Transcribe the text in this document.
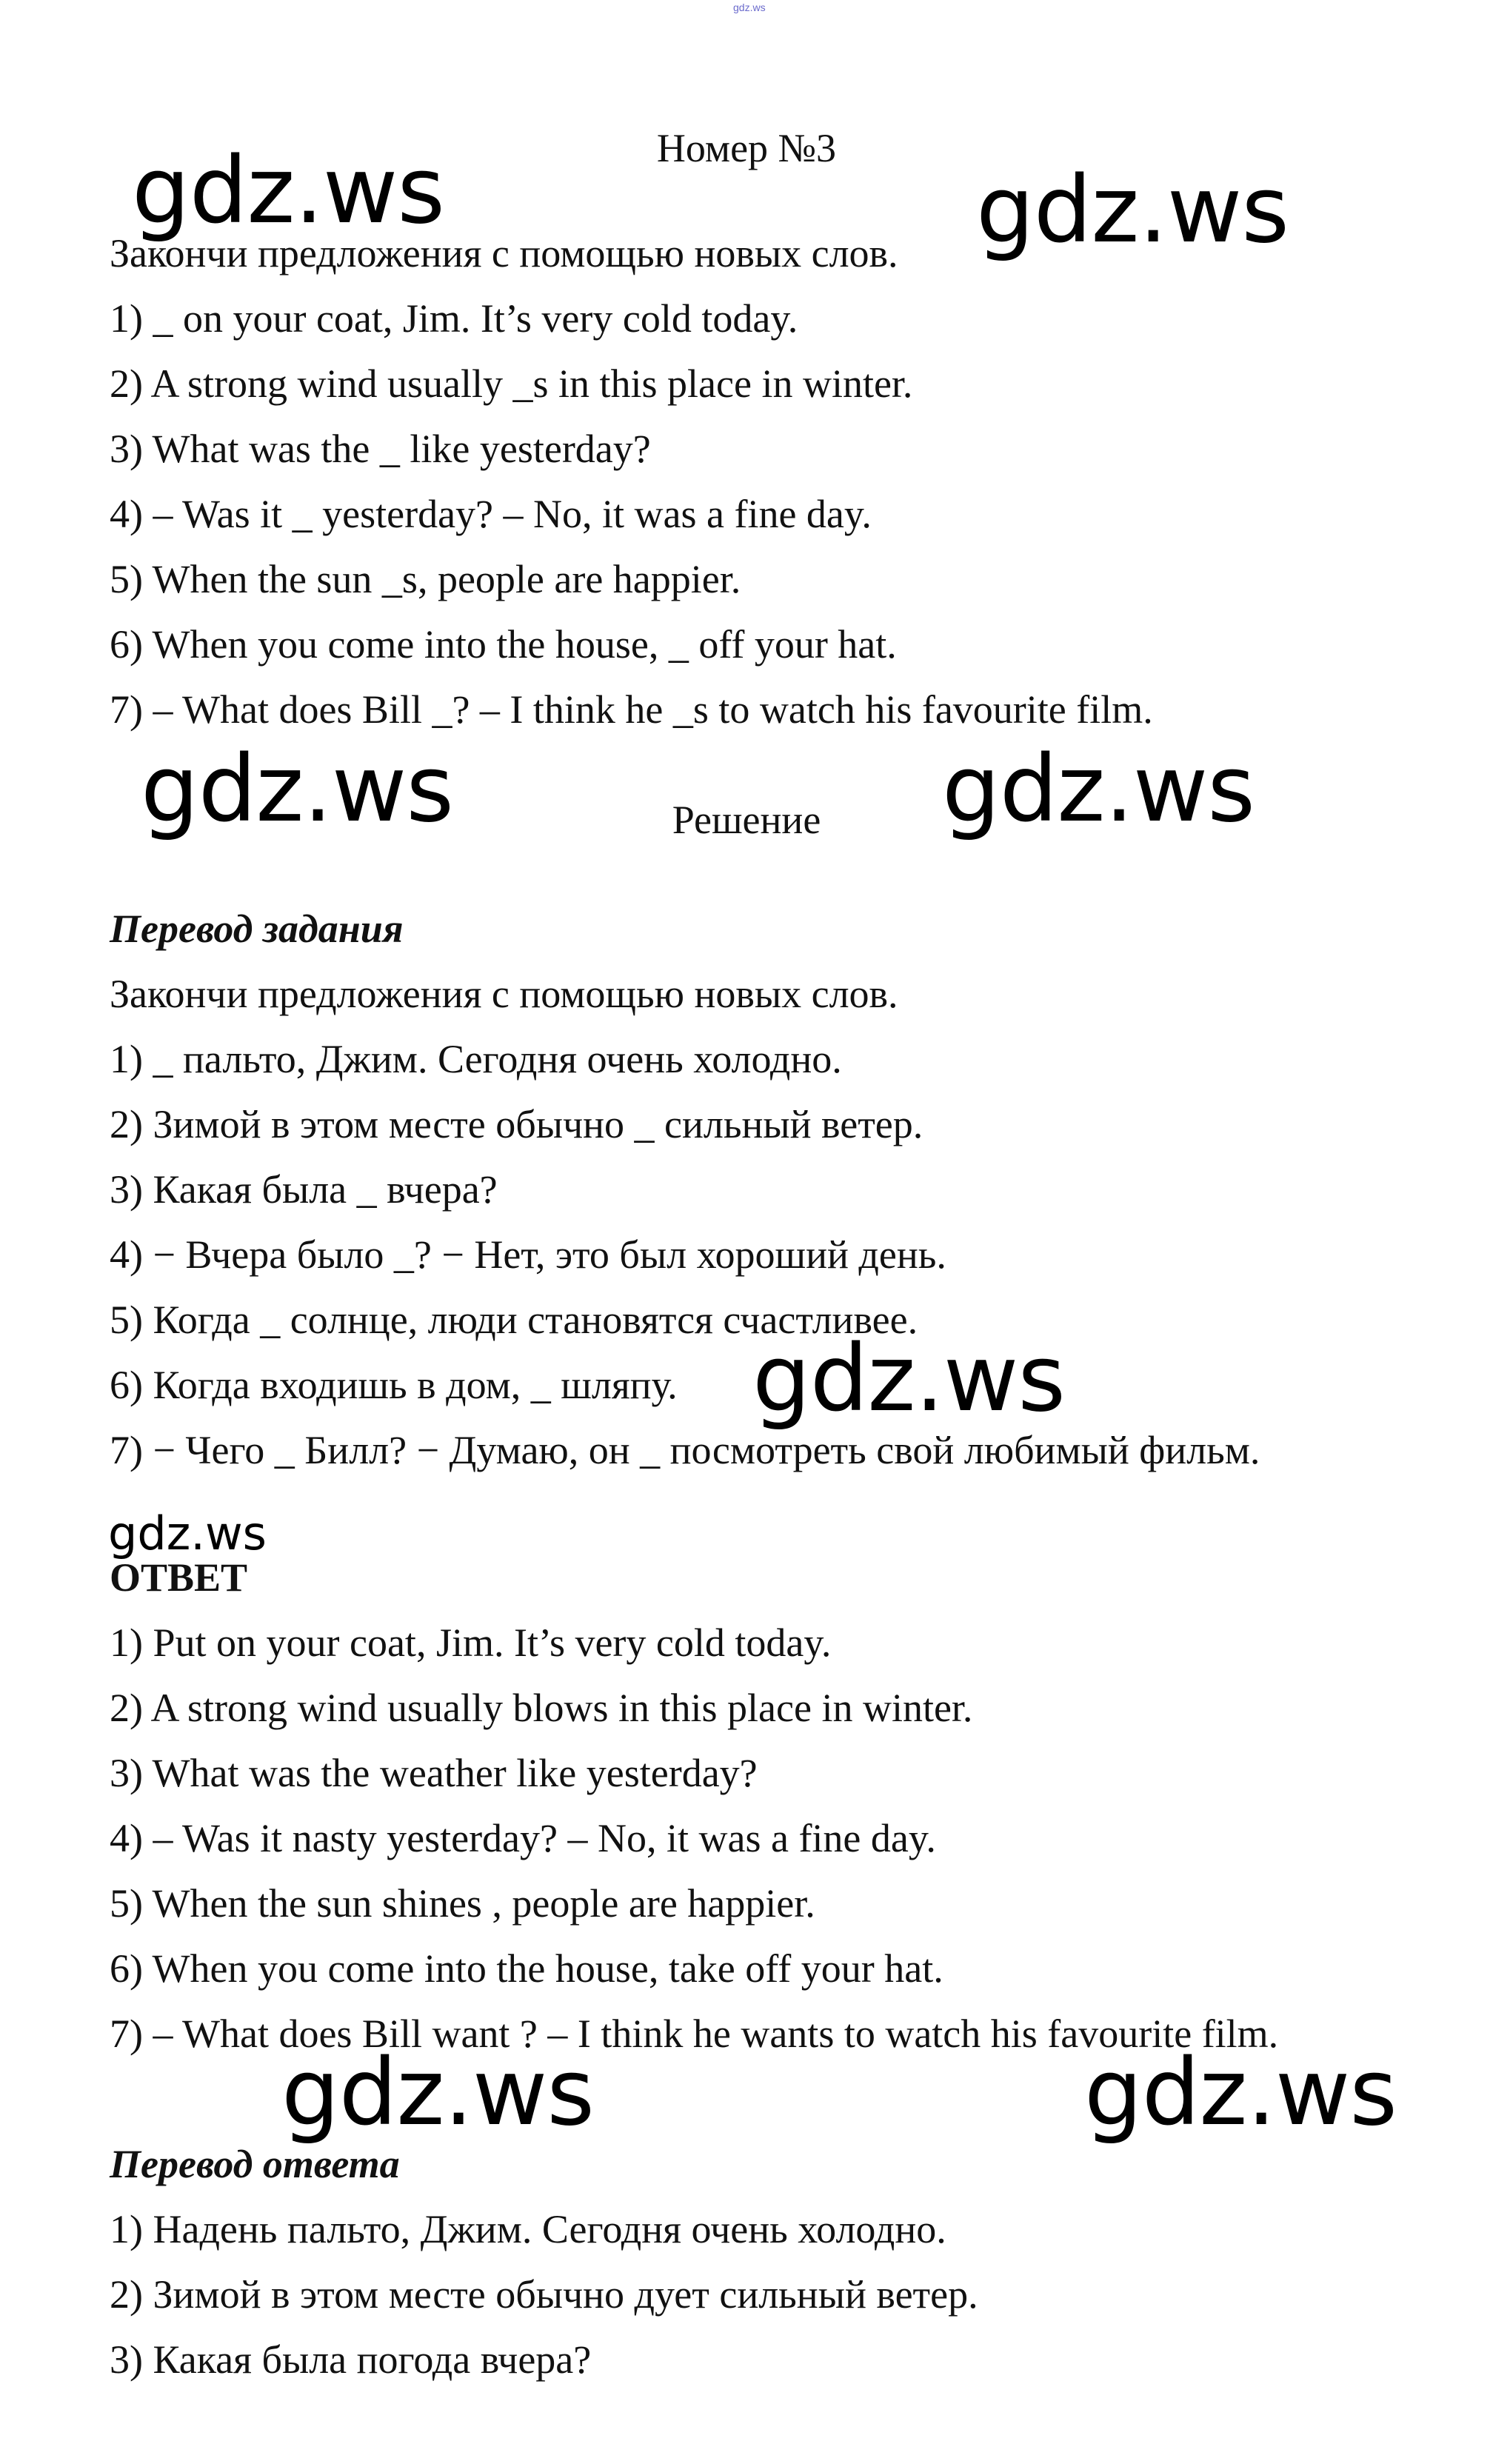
gdz.ws
Номер №3
Закончи предложения с помощью новых слов.
1) _ on your coat, Jim. It’s very cold today.
2) A strong wind usually _s in this place in winter.
3) What was the _ like yesterday?
4) – Was it _ yesterday? – No, it was a fine day.
5) When the sun _s, people are happier.
6) When you come into the house, _ off your hat.
7) – What does Bill _? – I think he _s to watch his favourite film.
Решение
Перевод задания
Закончи предложения с помощью новых слов.
1) _ пальто, Джим. Сегодня очень холодно.
2) Зимой в этом месте обычно _ сильный ветер.
3) Какая была _ вчера?
4) − Вчера было _? − Нет, это был хороший день.
5) Когда _ солнце, люди становятся счастливее.
6) Когда входишь в дом, _ шляпу.
7) − Чего _ Билл? − Думаю, он _ посмотреть свой любимый фильм.
ОТВЕТ
1) Put on your coat, Jim. It’s very cold today.
2) A strong wind usually blows in this place in winter.
3) What was the weather like yesterday?
4) – Was it nasty yesterday? – No, it was a fine day.
5) When the sun shines , people are happier.
6) When you come into the house, take off your hat.
7) – What does Bill want ? – I think he wants to watch his favourite film.
Перевод ответа
1) Надень пальто, Джим. Сегодня очень холодно.
2) Зимой в этом месте обычно дует сильный ветер.
3) Какая была погода вчера?
gdz.ws	gdz.ws
gdz.ws	gdz.ws
gdz.ws
gdz.ws
gdz.ws	gdz.ws
